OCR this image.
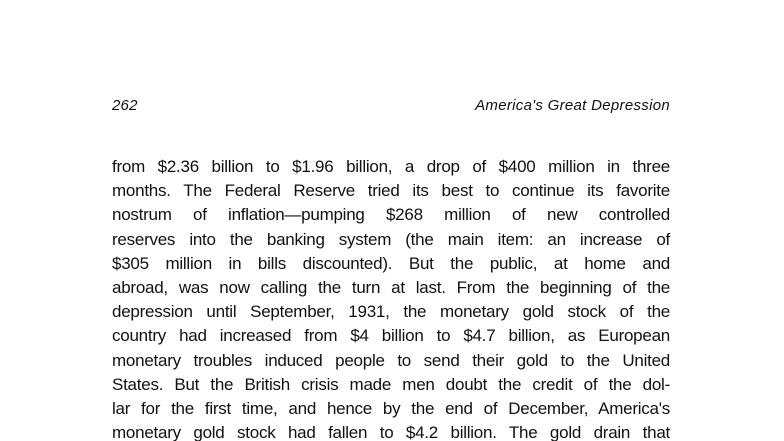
262	America's Great Depression
from $2.36 billion to $1.96 billion, a drop of $400 million in three
months. The Federal Reserve tried its best to continue its favorite
nostrum of inflation—pumping $268 million of new controlled
reserves into the banking system (the main item: an increase of
$305 million in bills discounted). But the public, at home and
abroad, was now calling the turn at last. From the beginning of the
depression until September, 1931, the monetary gold stock of the
country had increased from $4 billion to $4.7 billion, as European
monetary troubles induced people to send their gold to the United
States. But the British crisis made men doubt the credit of the dol-
lar for the first time, and hence by the end of December, America's
monetary gold stock had fallen to $4.2 billion. The gold drain that
